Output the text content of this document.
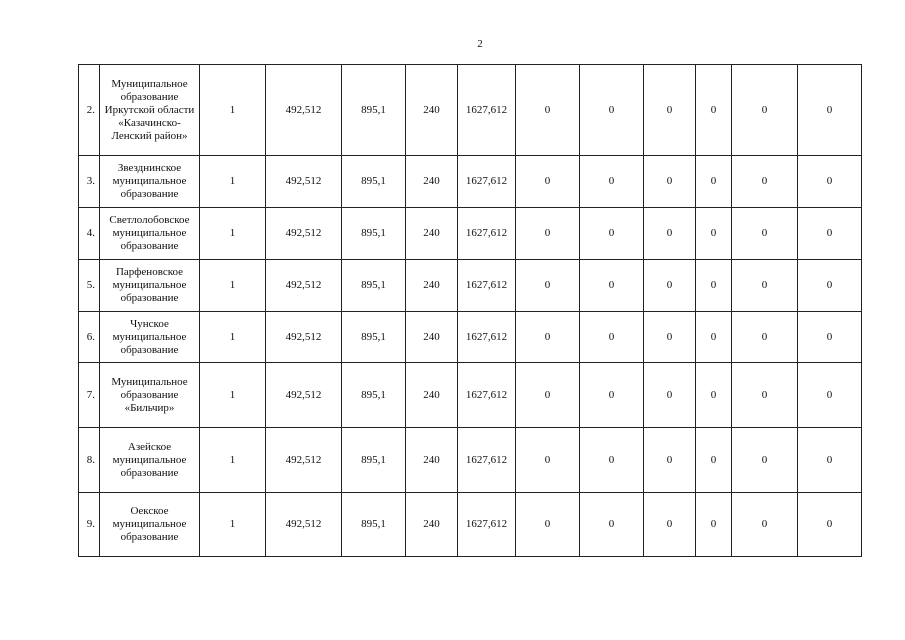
2
2.	Муниципальное образование Иркутской области «Казачинско-Ленский район»	1	492,512	895,1	240	1627,612	0	0	0	0	0	0
3.	Звезднинское муниципальное образование	1	492,512	895,1	240	1627,612	0	0	0	0	0	0
4.	Светлолобовское муниципальное образование	1	492,512	895,1	240	1627,612	0	0	0	0	0	0
5.	Парфеновское муниципальное образование	1	492,512	895,1	240	1627,612	0	0	0	0	0	0
6.	Чунское муниципальное образование	1	492,512	895,1	240	1627,612	0	0	0	0	0	0
7.	Муниципальное образование «Бильчир»	1	492,512	895,1	240	1627,612	0	0	0	0	0	0
8.	Азейское муниципальное образование	1	492,512	895,1	240	1627,612	0	0	0	0	0	0
9.	Оекское муниципальное образование	1	492,512	895,1	240	1627,612	0	0	0	0	0	0
